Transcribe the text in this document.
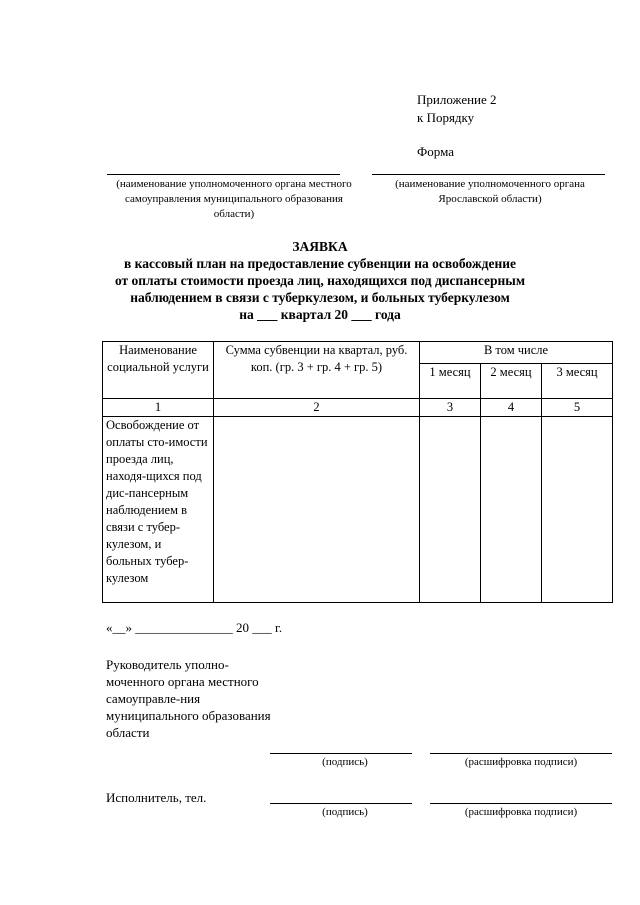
Приложение 2
к Порядку
Форма
(наименование уполномоченного органа местного самоуправления муниципального образования области)
(наименование уполномоченного органа Ярославской области)
ЗАЯВКА
в кассовый план на предоставление субвенции на освобождение
от оплаты стоимости проезда лиц, находящихся под диспансерным
наблюдением в связи с туберкулезом, и больных туберкулезом
на ___ квартал 20 ___ года
Наименование социальной услуги	Сумма субвенции на квартал, руб. коп. (гр. 3 + гр. 4 + гр. 5)	В том числе		
		1 месяц	2 месяц	3 месяц
1	2	3	4	5
Освобождение от оплаты сто-имости проезда лиц, находя-щихся под дис-пансерным наблюдением в связи с тубер-кулезом, и больных тубер-кулезом				
«__» _______________ 20 ___ г.
Руководитель уполно-моченного органа местного самоуправле-ния муниципального образования области
(подпись)	(расшифровка подписи)
Исполнитель, тел.
(подпись)	(расшифровка подписи)
